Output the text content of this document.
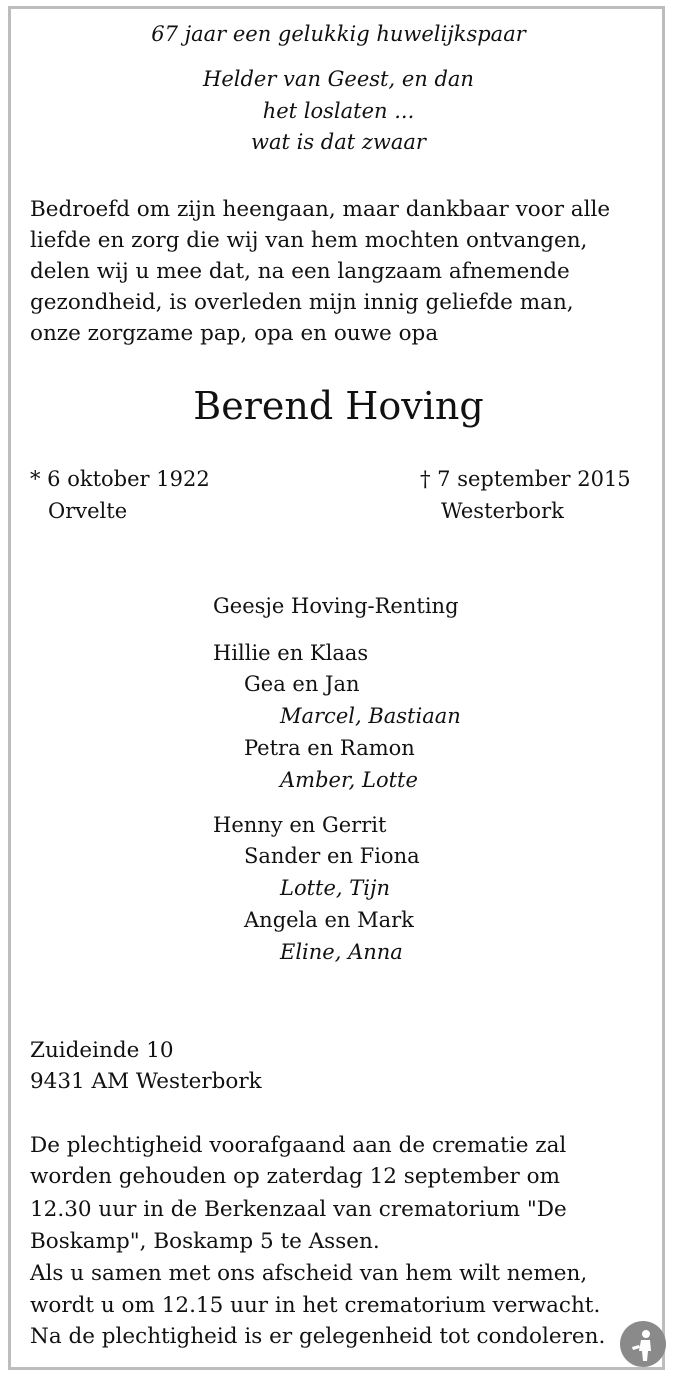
67 jaar een gelukkig huwelijkspaar
Helder van Geest, en dan
het loslaten ...
wat is dat zwaar
Bedroefd om zijn heengaan, maar dankbaar voor alle
liefde en zorg die wij van hem mochten ontvangen,
delen wij u mee dat, na een langzaam afnemende
gezondheid, is overleden mijn innig geliefde man,
onze zorgzame pap, opa en ouwe opa
Berend Hoving
* 6 oktober 1922
Orvelte
† 7 september 2015
Westerbork
Geesje Hoving-Renting
Hillie en Klaas
Gea en Jan
Marcel, Bastiaan
Petra en Ramon
Amber, Lotte
Henny en Gerrit
Sander en Fiona
Lotte, Tijn
Angela en Mark
Eline, Anna
Zuideinde 10
9431 AM Westerbork
De plechtigheid voorafgaand aan de crematie zal
worden gehouden op zaterdag 12 september om
12.30 uur in de Berkenzaal van crematorium "De
Boskamp", Boskamp 5 te Assen.
Als u samen met ons afscheid van hem wilt nemen,
wordt u om 12.15 uur in het crematorium verwacht.
Na de plechtigheid is er gelegenheid tot condoleren.
